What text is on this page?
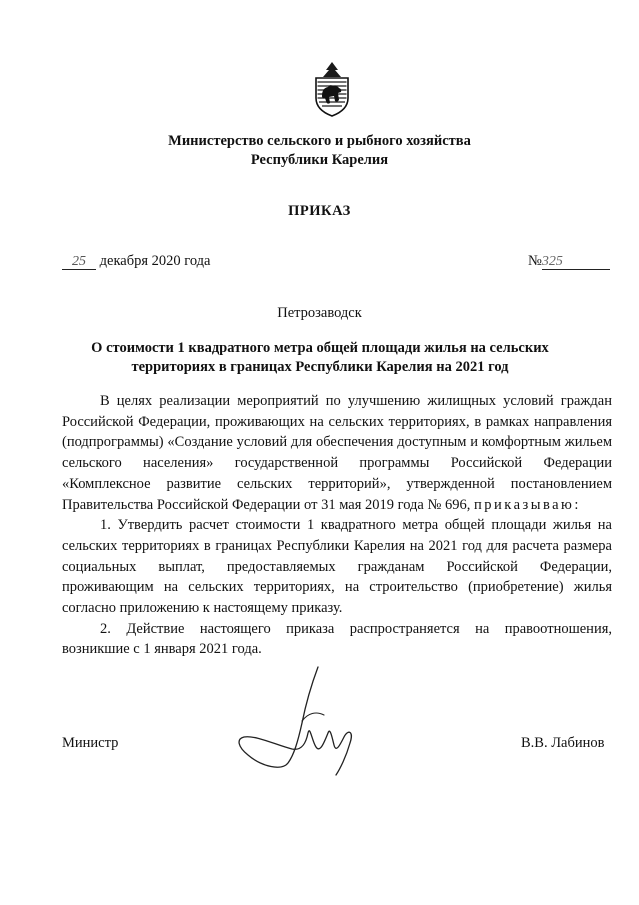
Министерство сельского и рыбного хозяйства
Республики Карелия
ПРИКАЗ
25 декабря 2020 года	№325
Петрозаводск
О стоимости 1 квадратного метра общей площади жилья на сельских
территориях в границах Республики Карелия на 2021 год

В целях реализации мероприятий по улучшению жилищных условий граждан Российской Федерации, проживающих на сельских территориях, в рамках направления (подпрограммы) «Создание условий для обеспечения доступным и комфортным жильем сельского населения» государственной программы Российской Федерации «Комплексное развитие сельских территорий», утвержденной постановлением Правительства Российской Федерации от 31 мая 2019 года № 696, приказываю:

1. Утвердить расчет стоимости 1 квадратного метра общей площади жилья на сельских территориях в границах Республики Карелия на 2021 год для расчета размера социальных выплат, предоставляемых гражданам Российской Федерации, проживающим на сельских территориях, на строительство (приобретение) жилья согласно приложению к настоящему приказу.

2. Действие настоящего приказа распространяется на правоотношения, возникшие с 1 января 2021 года.

Министр	В.В. Лабинов
